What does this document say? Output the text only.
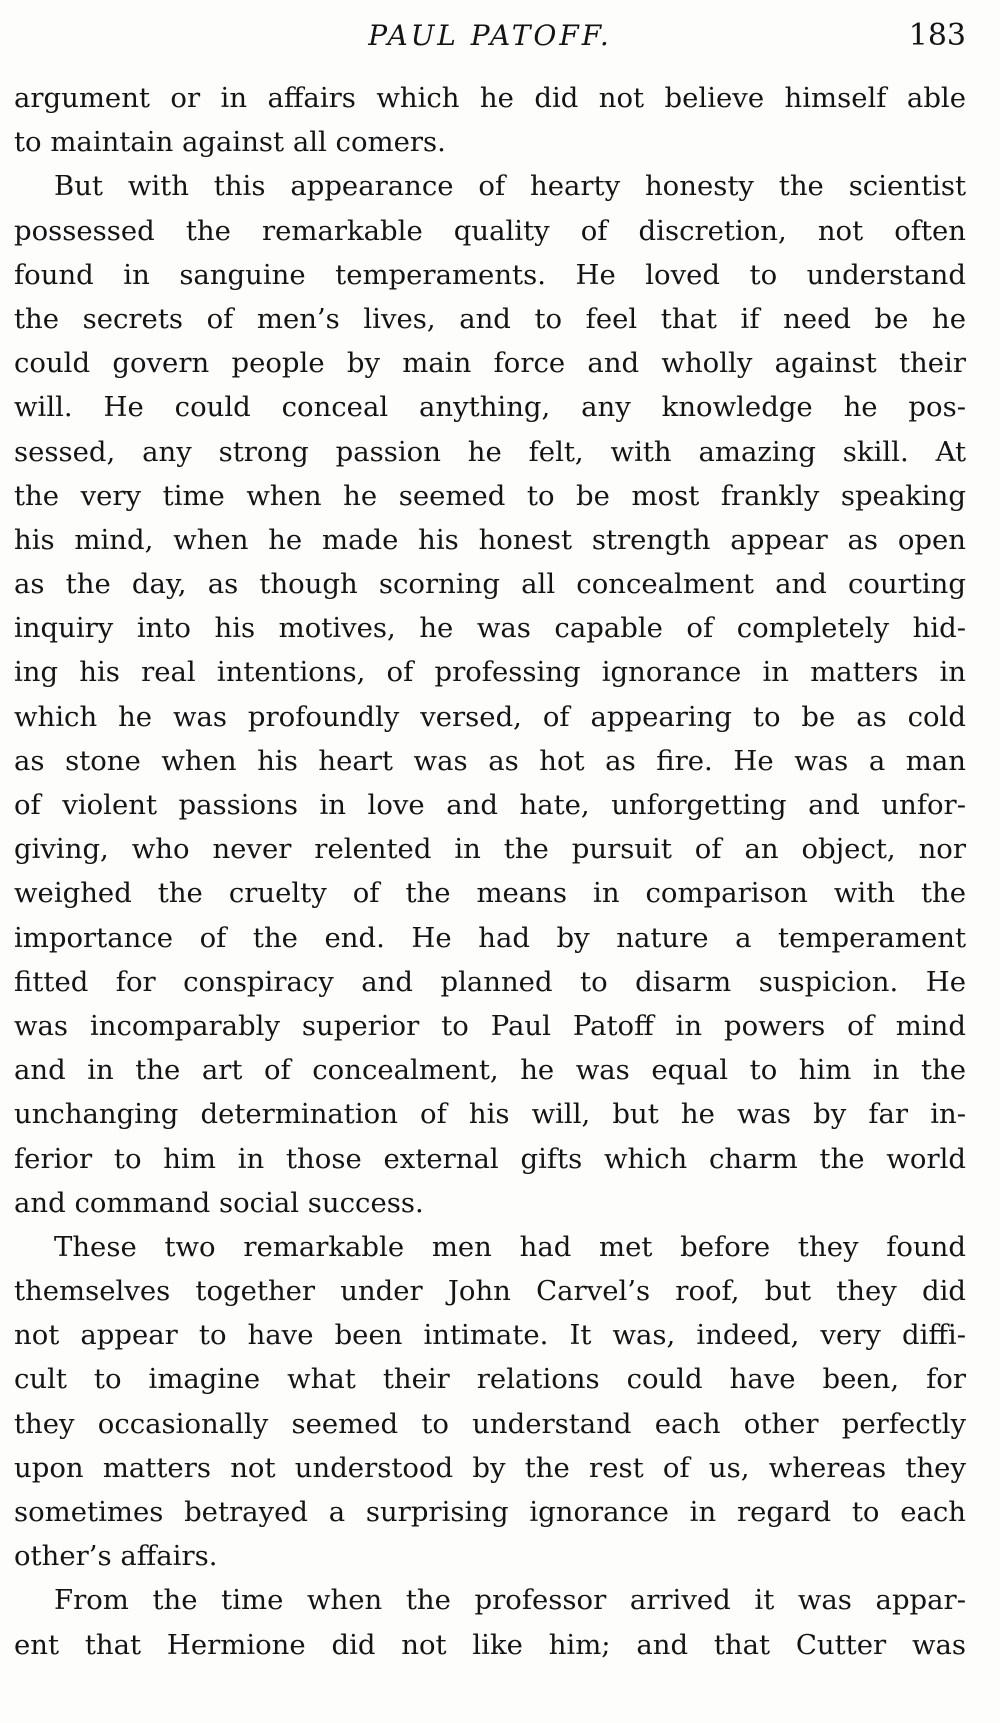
PAUL PATOFF.	183
argument or in affairs which he did not believe himself able
to maintain against all comers.
But with this appearance of hearty honesty the scientist
possessed the remarkable quality of discretion, not often
found in sanguine temperaments. He loved to understand
the secrets of men’s lives, and to feel that if need be he
could govern people by main force and wholly against their
will. He could conceal anything, any knowledge he pos-
sessed, any strong passion he felt, with amazing skill. At
the very time when he seemed to be most frankly speaking
his mind, when he made his honest strength appear as open
as the day, as though scorning all concealment and courting
inquiry into his motives, he was capable of completely hid-
ing his real intentions, of professing ignorance in matters in
which he was profoundly versed, of appearing to be as cold
as stone when his heart was as hot as fire. He was a man
of violent passions in love and hate, unforgetting and unfor-
giving, who never relented in the pursuit of an object, nor
weighed the cruelty of the means in comparison with the
importance of the end. He had by nature a temperament
fitted for conspiracy and planned to disarm suspicion. He
was incomparably superior to Paul Patoff in powers of mind
and in the art of concealment, he was equal to him in the
unchanging determination of his will, but he was by far in-
ferior to him in those external gifts which charm the world
and command social success.
These two remarkable men had met before they found
themselves together under John Carvel’s roof, but they did
not appear to have been intimate. It was, indeed, very diffi-
cult to imagine what their relations could have been, for
they occasionally seemed to understand each other perfectly
upon matters not understood by the rest of us, whereas they
sometimes betrayed a surprising ignorance in regard to each
other’s affairs.
From the time when the professor arrived it was appar-
ent that Hermione did not like him; and that Cutter was
